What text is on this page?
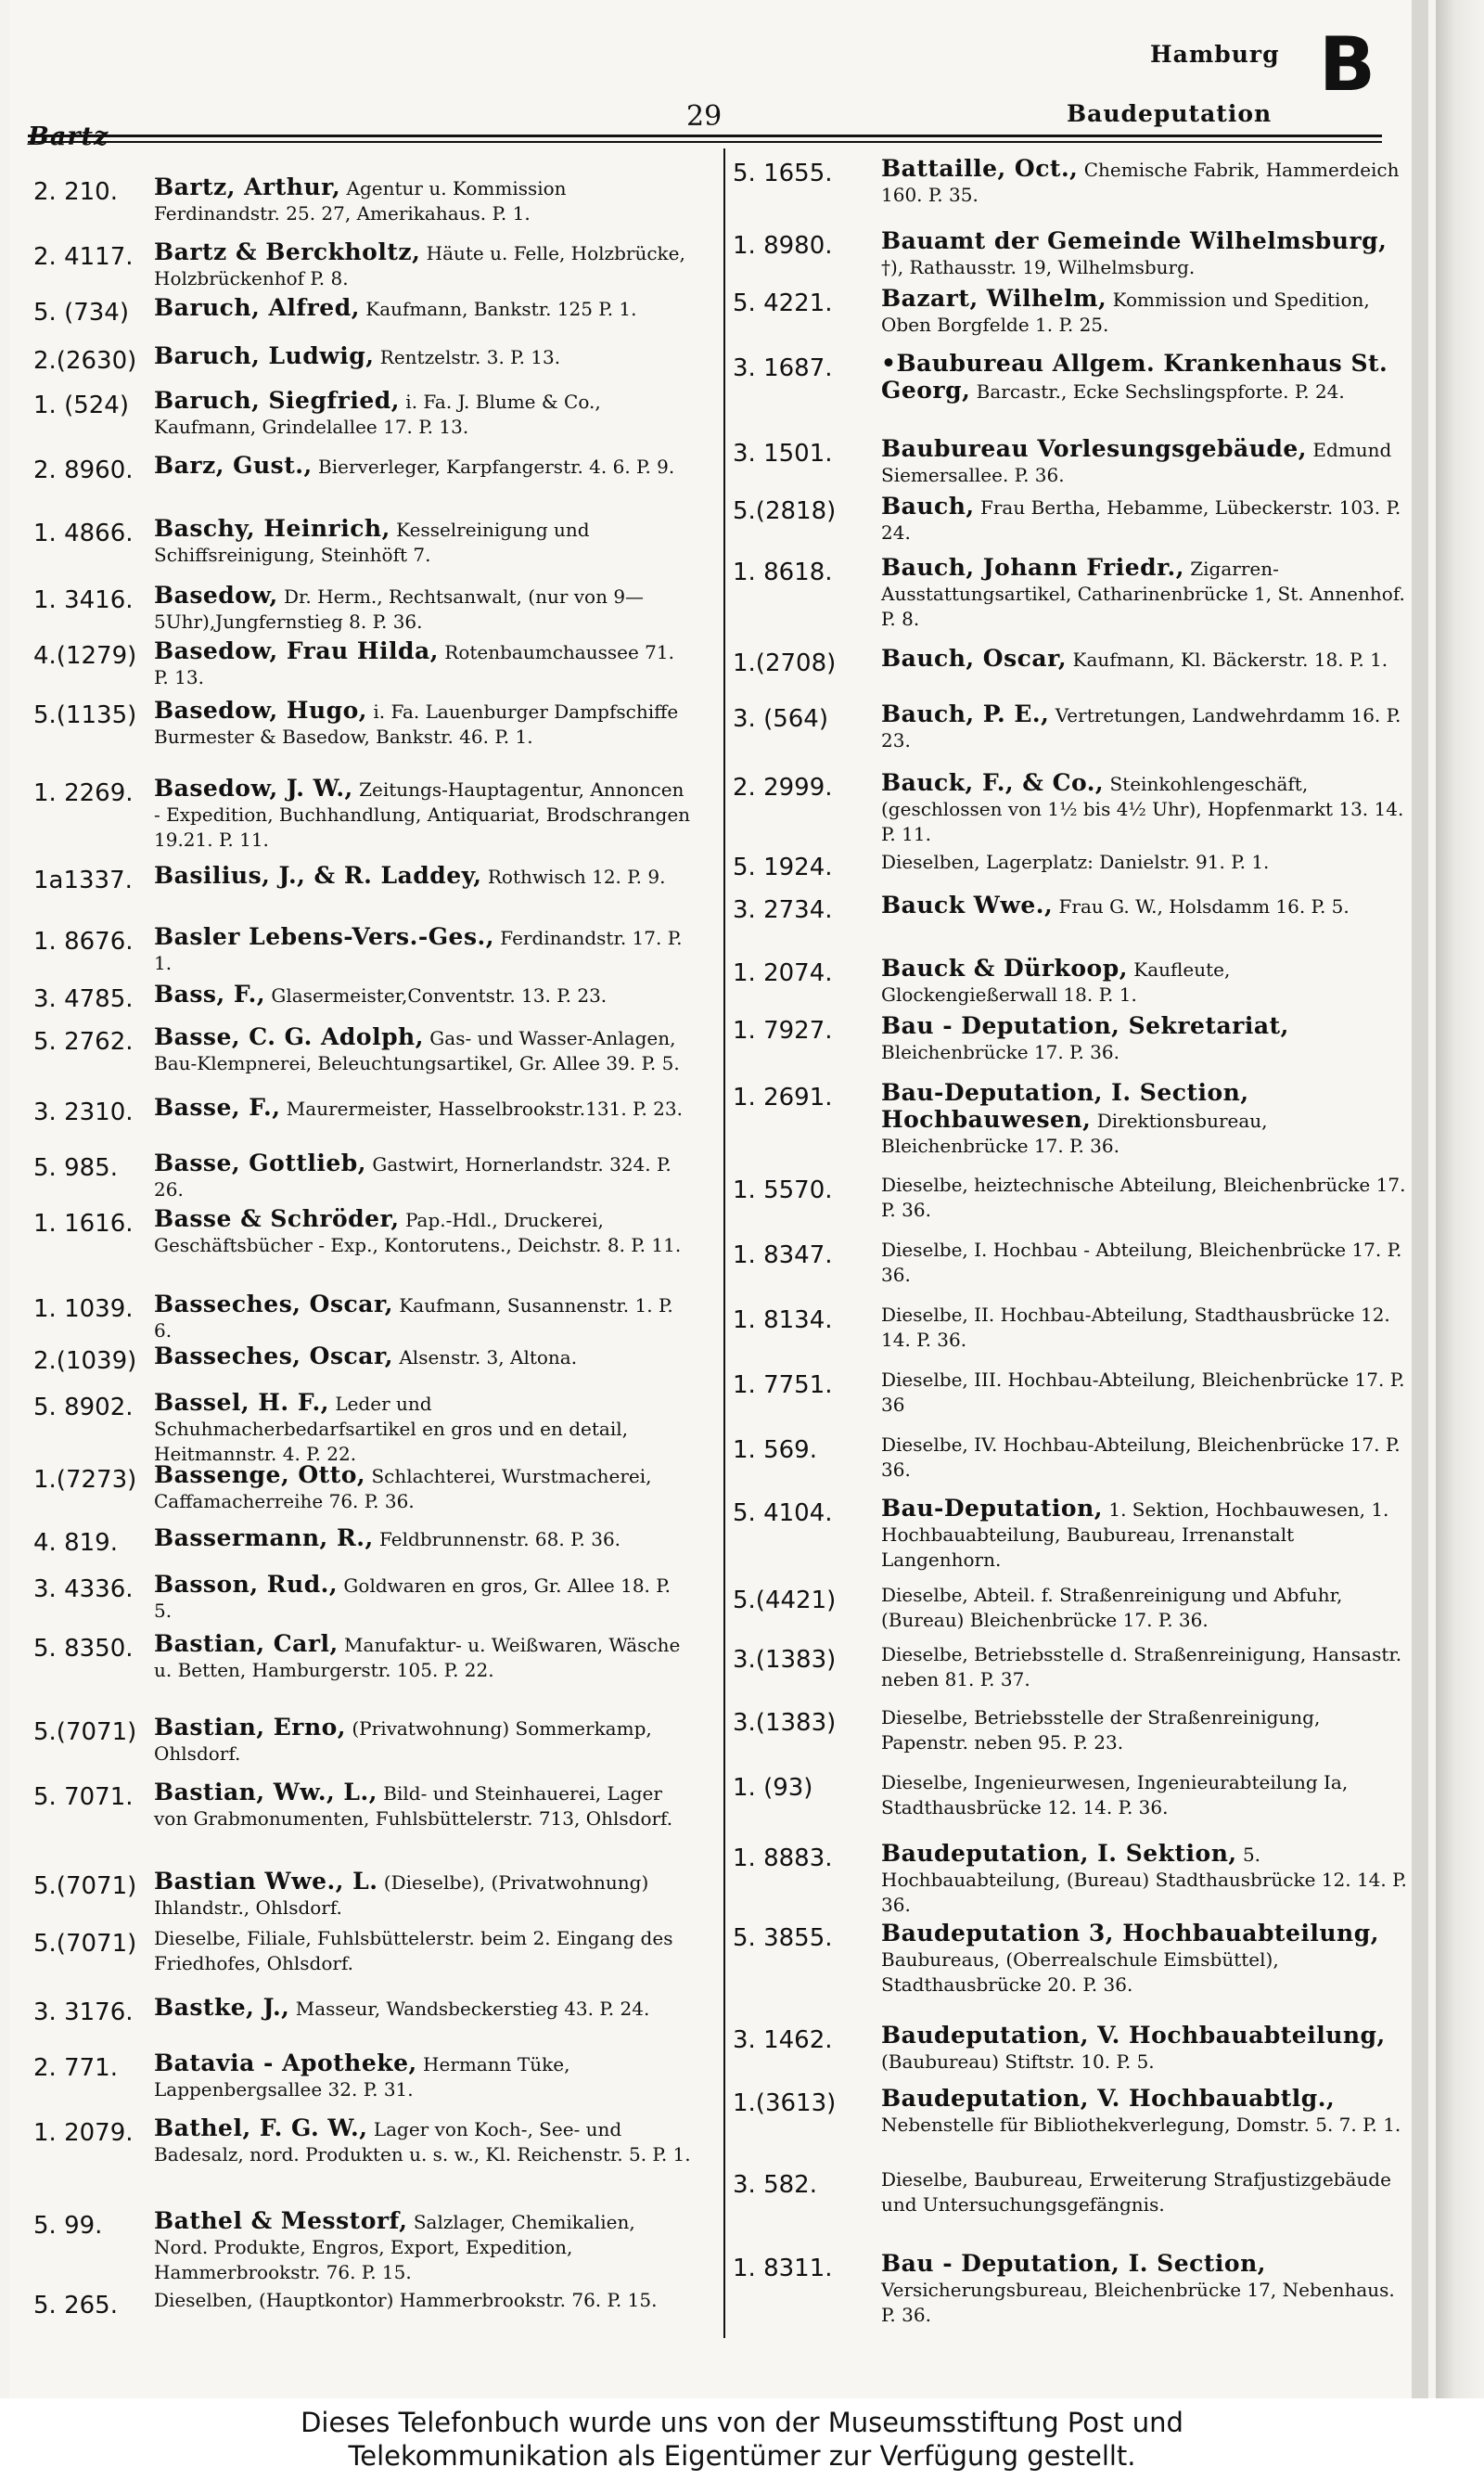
29
Hamburg
Baudeputation
B
2. 210. Bartz, Arthur, Agentur u. Kommission Ferdinandstr. 25. 27, Amerikahaus. P. 1.
2. 4117. Bartz & Berckholtz, Häute u. Felle, Holzbrücke, Holzbrückenhof P. 8.
5. (734) Baruch, Alfred, Kaufmann, Bankstr. 125 P. 1.
2.(2630) Baruch, Ludwig, Rentzelstr. 3. P. 13.
1. (524) Baruch, Siegfried, i. Fa. J. Blume & Co., Kaufmann, Grindelallee 17. P. 13.
2. 8960. Barz, Gust., Bierverleger, Karpfangerstr. 4. 6. P. 9.
1. 4866. Baschy, Heinrich, Kesselreinigung und Schiffsreinigung, Steinhöft 7.
1. 3416. Basedow, Dr. Herm., Rechtsanwalt, (nur von 9—5Uhr),Jungfernstieg 8. P. 36.
4.(1279) Basedow, Frau Hilda, Rotenbaumchaussee 71. P. 13.
5.(1135) Basedow, Hugo, i. Fa. Lauenburger Dampfschiffe Burmester & Basedow, Bankstr. 46. P. 1.
1. 2269. Basedow, J. W., Zeitungs-Hauptagentur, Annoncen - Expedition, Buchhandlung, Antiquariat, Brodschrangen 19.21. P. 11.
1a1337. Basilius, J., & R. Laddey, Rothwisch 12. P. 9.
1. 8676. Basler Lebens-Vers.-Ges., Ferdinandstr. 17. P. 1.
3. 4785. Bass, F., Glasermeister,Conventstr. 13. P. 23.
5. 2762. Basse, C. G. Adolph, Gas- und Wasser-Anlagen, Bau-Klempnerei, Beleuchtungsartikel, Gr. Allee 39. P. 5.
3. 2310. Basse, F., Maurermeister, Hasselbrookstr.131. P. 23.
5. 985. Basse, Gottlieb, Gastwirt, Hornerlandstr. 324. P. 26.
1. 1616. Basse & Schröder, Pap.-Hdl., Druckerei, Geschäftsbücher - Exp., Kontorutens., Deichstr. 8. P. 11.
1. 1039. Basseches, Oscar, Kaufmann, Susannenstr. 1. P. 6.
2.(1039) Basseches, Oscar, Alsenstr. 3, Altona.
5. 8902. Bassel, H. F., Leder und Schuhmacherbedarfsartikel en gros und en detail, Heitmannstr. 4. P. 22.
1.(7273) Bassenge, Otto, Schlachterei, Wurstmacherei, Caffamacherreihe 76. P. 36.
4. 819. Bassermann, R., Feldbrunnenstr. 68. P. 36.
3. 4336. Basson, Rud., Goldwaren en gros, Gr. Allee 18. P. 5.
5. 8350. Bastian, Carl, Manufaktur- u. Weißwaren, Wäsche u. Betten, Hamburgerstr. 105. P. 22.
5.(7071) Bastian, Erno, (Privatwohnung) Sommerkamp, Ohlsdorf.
5. 7071. Bastian, Ww., L., Bild- und Steinhauerei, Lager von Grabmonumenten, Fuhlsbüttelerstr. 713, Ohlsdorf.
5.(7071) Bastian Wwe., L. (Dieselbe), (Privatwohnung) Ihlandstr., Ohlsdorf.
5.(7071) Dieselbe, Filiale, Fuhlsbüttelerstr. beim 2. Eingang des Friedhofes, Ohlsdorf.
3. 3176. Bastke, J., Masseur, Wandsbeckerstieg 43. P. 24.
2. 771. Batavia - Apotheke, Hermann Tüke, Lappenbergsallee 32. P. 31.
1. 2079. Bathel, F. G. W., Lager von Koch-, See- und Badesalz, nord. Produkten u. s. w., Kl. Reichenstr. 5. P. 1.
5. 99. Bathel & Messtorf, Salzlager, Chemikalien, Nord. Produkte, Engros, Export, Expedition, Hammerbrookstr. 76. P. 15.
5. 265. Dieselben, (Hauptkontor) Hammerbrookstr. 76. P. 15.
5. 1655. Battaille, Oct., Chemische Fabrik, Hammerdeich 160. P. 35.
1. 8980. Bauamt der Gemeinde Wilhelmsburg, †), Rathausstr. 19, Wilhelmsburg.
5. 4221. Bazart, Wilhelm, Kommission und Spedition, Oben Borgfelde 1. P. 25.
3. 1687. •Baubureau Allgem. Krankenhaus St. Georg, Barcastr., Ecke Sechslingspforte. P. 24.
3. 1501. Baubureau Vorlesungsgebäude, Edmund Siemersallee. P. 36.
5.(2818) Bauch, Frau Bertha, Hebamme, Lübeckerstr. 103. P. 24.
1. 8618. Bauch, Johann Friedr., Zigarren-Ausstattungsartikel, Catharinenbrücke 1, St. Annenhof. P. 8.
1.(2708) Bauch, Oscar, Kaufmann, Kl. Bäckerstr. 18. P. 1.
3. (564) Bauch, P. E., Vertretungen, Landwehrdamm 16. P. 23.
2. 2999. Bauck, F., & Co., Steinkohlengeschäft, (geschlossen von 1½ bis 4½ Uhr), Hopfenmarkt 13. 14. P. 11.
5. 1924.	Dieselben, Lagerplatz: Danielstr. 91. P. 1.
3. 2734. Bauck Wwe., Frau G. W., Holsdamm 16. P. 5.
1. 2074. Bauck & Dürkoop, Kaufleute, Glockengießerwall 18. P. 1.
1. 7927. Bau - Deputation, Sekretariat, Bleichenbrücke 17. P. 36.
1. 2691. Bau-Deputation, I. Section, Hochbauwesen, Direktionsbureau, Bleichenbrücke 17. P. 36.
1. 5570.	Dieselbe, heiztechnische Abteilung, Bleichenbrücke 17. P. 36.
1. 8347.	Dieselbe, I. Hochbau - Abteilung, Bleichenbrücke 17. P. 36.
1. 8134.	Dieselbe, II. Hochbau-Abteilung, Stadthausbrücke 12. 14. P. 36.
1. 7751.	Dieselbe, III. Hochbau-Abteilung, Bleichenbrücke 17. P. 36
1. 569.	Dieselbe, IV. Hochbau-Abteilung, Bleichenbrücke 17. P. 36.
5. 4104. Bau-Deputation, 1. Sektion, Hochbauwesen, 1. Hochbauabteilung, Baubureau, Irrenanstalt Langenhorn.
5.(4421) Dieselbe, Abteil. f. Straßenreinigung und Abfuhr, (Bureau) Bleichenbrücke 17. P. 36.
3.(1383) Dieselbe, Betriebsstelle d. Straßenreinigung, Hansastr. neben 81. P. 37.
3.(1383) Dieselbe, Betriebsstelle der Straßenreinigung, Papenstr. neben 95. P. 23.
1. (93)	Dieselbe, Ingenieurwesen, Ingenieurabteilung Ia, Stadthausbrücke 12. 14. P. 36.
1. 8883. Baudeputation, I. Sektion, 5. Hochbauabteilung, (Bureau) Stadthausbrücke 12. 14. P. 36.
5. 3855. Baudeputation 3, Hochbauabteilung, Baubureaus, (Oberrealschule Eimsbüttel), Stadthausbrücke 20. P. 36.
3. 1462. Baudeputation, V. Hochbauabteilung, (Baubureau) Stiftstr. 10. P. 5.
1.(3613) Baudeputation, V. Hochbauabtlg., Nebenstelle für Bibliothekverlegung, Domstr. 5. 7. P. 1.
3. 582.	Dieselbe, Baubureau, Erweiterung Strafjustizgebäude und Untersuchungsgefängnis.
1. 8311. Bau - Deputation, I. Section, Versicherungsbureau, Bleichenbrücke 17, Nebenhaus. P. 36.
Dieses Telefonbuch wurde uns von der Museumsstiftung Post und
Telekommunikation als Eigentümer zur Verfügung gestellt.
